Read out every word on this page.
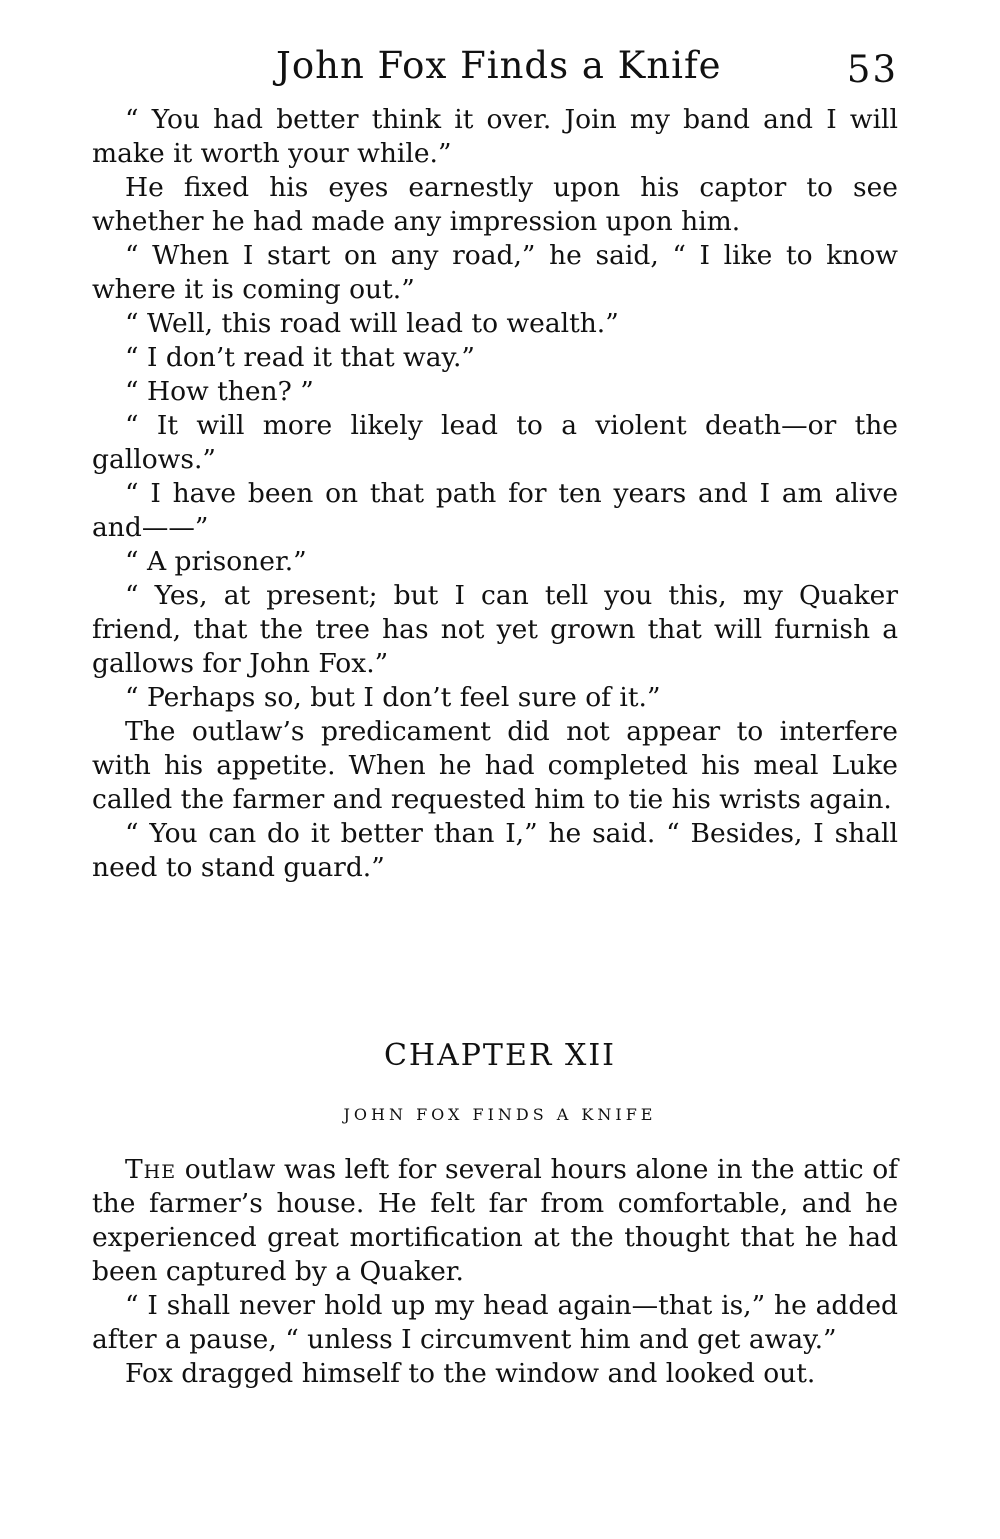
John Fox Finds a Knife	53

“ You had better think it over. Join my band and I will make it worth your while.”

He fixed his eyes earnestly upon his captor to see whether he had made any impression upon him.

“ When I start on any road,” he said, “ I like to know where it is coming out.”

“ Well, this road will lead to wealth.”

“ I don’t read it that way.”

“ How then? ”

“ It will more likely lead to a violent death—or the gallows.”

“ I have been on that path for ten years and I am alive and——”

“ A prisoner.”

“ Yes, at present; but I can tell you this, my Quaker friend, that the tree has not yet grown that will furnish a gallows for John Fox.”

“ Perhaps so, but I don’t feel sure of it.”

The outlaw’s predicament did not appear to interfere with his appetite. When he had completed his meal Luke called the farmer and requested him to tie his wrists again.

“ You can do it better than I,” he said. “ Besides, I shall need to stand guard.”

CHAPTER XII
JOHN FOX FINDS A KNIFE

The outlaw was left for several hours alone in the attic of the farmer’s house. He felt far from comfortable, and he experienced great mortification at the thought that he had been captured by a Quaker.

“ I shall never hold up my head again—that is,” he added after a pause, “ unless I circumvent him and get away.”

Fox dragged himself to the window and looked out.
